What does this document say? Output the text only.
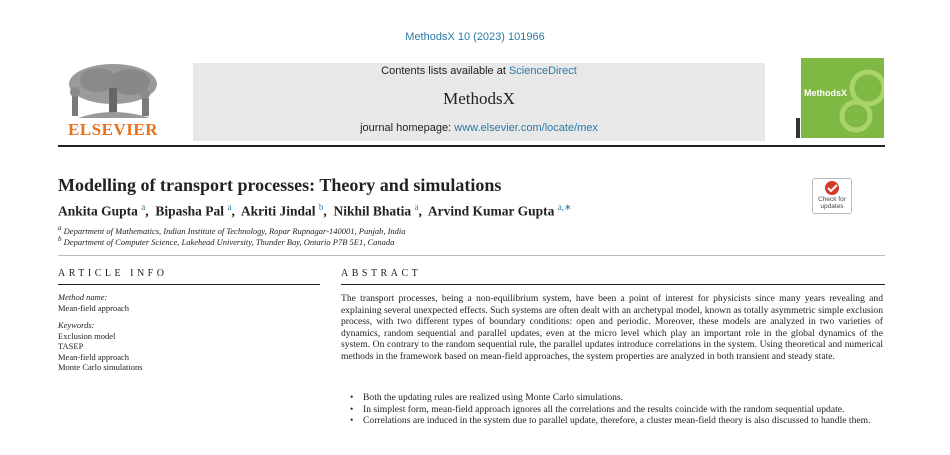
MethodsX 10 (2023) 101966
ELSEVIER
Contents lists available at ScienceDirect
MethodsX
journal homepage: www.elsevier.com/locate/mex
MethodsX
Modelling of transport processes: Theory and simulations
Ankita Gupta $^a$,  Bipasha Pal $^a$,  Akriti Jindal $^b$,  Nikhil Bhatia $^a$,  Arvind Kumar Gupta $^{a,∗}$
Check for updates
$^a$ Department of Mathematics, Indian Institute of Technology, Ropar Rupnagar-140001, Punjab, India
$^b$ Department of Computer Science, Lakehead University, Thunder Bay, Ontario P7B 5E1, Canada
ARTICLE INFO
Method name:
Mean-field approach
Keywords:
Exclusion model
TASEP
Mean-field approach
Monte Carlo simulations
ABSTRACT
The transport processes, being a non-equilibrium system, have been a point of interest for physicists since many years revealing and explaining several unexpected effects. Such systems are often dealt with an archetypal model, known as totally asymmetric simple exclusion process, with two different types of boundary conditions: open and periodic. Moreover, these models are analyzed in two varieties of dynamics, random sequential and parallel updates, even at the micro level which play an important role in the global dynamics of the system. On contrary to the random sequential rule, the parallel updates introduce correlations in the system. Using theoretical and numerical methods in the framework based on mean-field approaches, the system properties are analyzed in both transient and steady state.
• Both the updating rules are realized using Monte Carlo simulations.
• In simplest form, mean-field approach ignores all the correlations and the results coincide with the random sequential update.
• Correlations are induced in the system due to parallel update, therefore, a cluster mean-field theory is also discussed to handle them.
